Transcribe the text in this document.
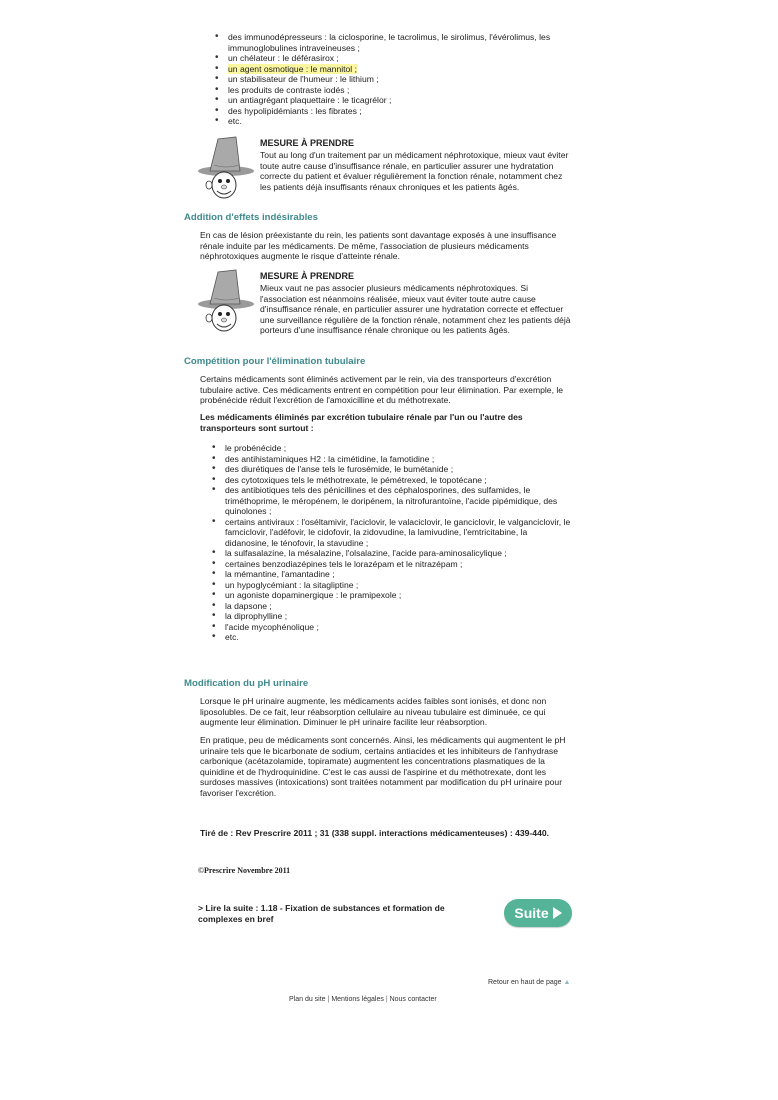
• des immunodépresseurs : la ciclosporine, le tacrolimus, le sirolimus, l'évérolimus, les
immunoglobulines intraveineuses ;
• un chélateur : le déférasirox ;
• un agent osmotique : le mannitol ;
• un stabilisateur de l'humeur : le lithium ;
• les produits de contraste iodés ;
• un antiagrégant plaquettaire : le ticagrélor ;
• des hypolipidémiants : les fibrates ;
• etc.

MESURE À PRENDRE

Tout au long d'un traitement par un médicament néphrotoxique, mieux vaut éviter
toute autre cause d'insuffisance rénale, en particulier assurer une hydratation
correcte du patient et évaluer régulièrement la fonction rénale, notamment chez
les patients déjà insuffisants rénaux chroniques et les patients âgés.
Addition d'effets indésirables
En cas de lésion préexistante du rein, les patients sont davantage exposés à une insuffisance
rénale induite par les médicaments. De même, l'association de plusieurs médicaments
néphrotoxiques augmente le risque d'atteinte rénale.

MESURE À PRENDRE

Mieux vaut ne pas associer plusieurs médicaments néphrotoxiques. Si
l'association est néanmoins réalisée, mieux vaut éviter toute autre cause
d'insuffisance rénale, en particulier assurer une hydratation correcte et effectuer
une surveillance régulière de la fonction rénale, notamment chez les patients déjà
porteurs d'une insuffisance rénale chronique ou les patients âgés.
Compétition pour l'élimination tubulaire
Certains médicaments sont éliminés activement par le rein, via des transporteurs d'excrétion
tubulaire active. Ces médicaments entrent en compétition pour leur élimination. Par exemple, le
probénécide réduit l'excrétion de l'amoxicilline et du méthotrexate.
Les médicaments éliminés par excrétion tubulaire rénale par l'un ou l'autre des
transporteurs sont surtout :
• le probénécide ;
• des antihistaminiques H2 : la cimétidine, la famotidine ;
• des diurétiques de l'anse tels le furosémide, le bumétanide ;
• des cytotoxiques tels le méthotrexate, le pémétrexed, le topotécane ;
• des antibiotiques tels des pénicillines et des céphalosporines, des sulfamides, le
triméthoprime, le méropénem, le doripénem, la nitrofurantoïne, l'acide pipémidique, des
quinolones ;
• certains antiviraux : l'oséltamivir, l'aciclovir, le valaciclovir, le ganciclovir, le valganciclovir, le
famciclovir, l'adéfovir, le cidofovir, la zidovudine, la lamivudine, l'emtricitabine, la
didanosine, le ténofovir, la stavudine ;
• la sulfasalazine, la mésalazine, l'olsalazine, l'acide para-aminosalicylique ;
• certaines benzodiazépines tels le lorazépam et le nitrazépam ;
• la mémantine, l'amantadine ;
• un hypoglycémiant : la sitagliptine ;
• un agoniste dopaminergique : le pramipexole ;
• la dapsone ;
• la diprophylline ;
• l'acide mycophénolique ;
• etc.
Modification du pH urinaire
Lorsque le pH urinaire augmente, les médicaments acides faibles sont ionisés, et donc non
liposolubles. De ce fait, leur réabsorption cellulaire au niveau tubulaire est diminuée, ce qui
augmente leur élimination. Diminuer le pH urinaire facilite leur réabsorption.
En pratique, peu de médicaments sont concernés. Ainsi, les médicaments qui augmentent le pH
urinaire tels que le bicarbonate de sodium, certains antiacides et les inhibiteurs de l'anhydrase
carbonique (acétazolamide, topiramate) augmentent les concentrations plasmatiques de la
quinidine et de l'hydroquinidine. C'est le cas aussi de l'aspirine et du méthotrexate, dont les
surdoses massives (intoxications) sont traitées notamment par modification du pH urinaire pour
favoriser l'excrétion.

Tiré de : Rev Prescrire 2011 ; 31 (338 suppl. interactions médicamenteuses) : 439-440.

©Prescrire Novembre 2011

> Lire la suite : 1.18 - Fixation de substances et formation de
complexes en bref	Suite

Retour en haut de page ▲

Plan du site | Mentions légales | Nous contacter
